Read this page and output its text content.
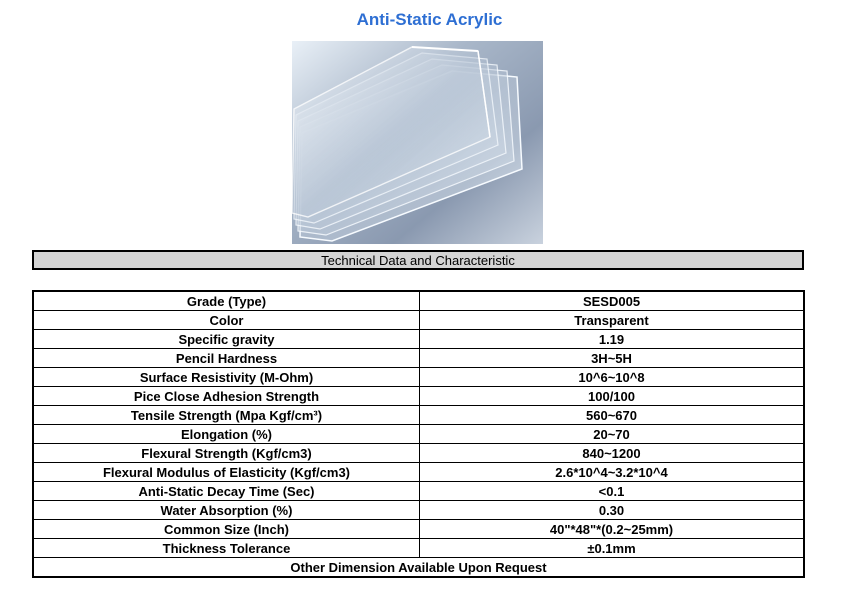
Anti-Static Acrylic
Technical Data and Characteristic
Grade (Type)	SESD005
Color	Transparent
Specific gravity	1.19
Pencil Hardness	3H~5H
Surface Resistivity (M-Ohm)	10^6~10^8
Pice Close Adhesion Strength	100/100
Tensile Strength (Mpa Kgf/cm³)	560~670
Elongation (%)	20~70
Flexural Strength (Kgf/cm3)	840~1200
Flexural Modulus of Elasticity (Kgf/cm3)	2.6*10^4~3.2*10^4
Anti-Static Decay Time (Sec)	<0.1
Water Absorption (%)	0.30
Common Size (Inch)	40"*48"*(0.2~25mm)
Thickness Tolerance	±0.1mm
Other Dimension Available Upon Request	
